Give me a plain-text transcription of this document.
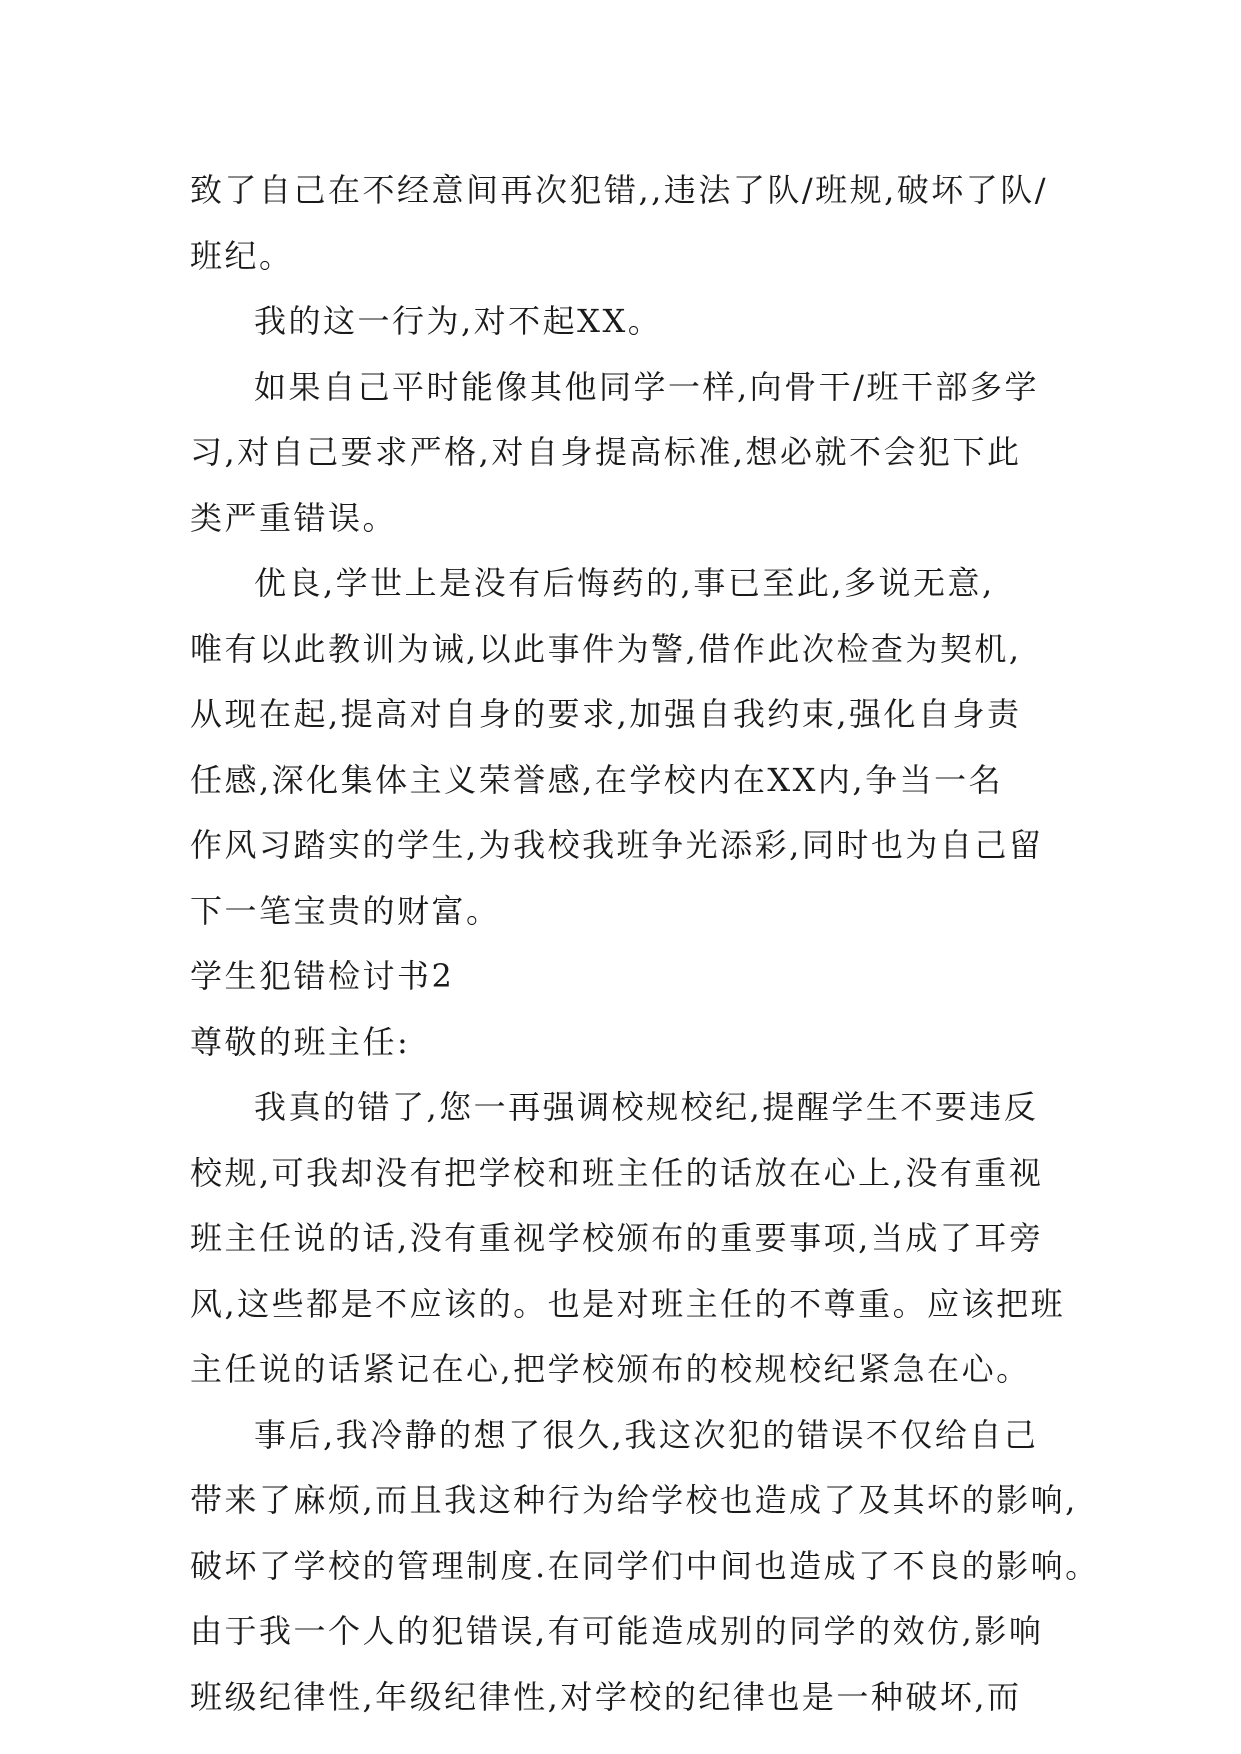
致了自己在不经意间再次犯错,,违法了队/班规,破坏了队/
班纪。
我的这一行为,对不起XX。
如果自己平时能像其他同学一样,向骨干/班干部多学
习,对自己要求严格,对自身提高标准,想必就不会犯下此
类严重错误。
优良,学世上是没有后悔药的,事已至此,多说无意,
唯有以此教训为诫,以此事件为警,借作此次检查为契机,
从现在起,提高对自身的要求,加强自我约束,强化自身责
任感,深化集体主义荣誉感,在学校内在XX内,争当一名
作风习踏实的学生,为我校我班争光添彩,同时也为自己留
下一笔宝贵的财富。
学生犯错检讨书2
尊敬的班主任:
我真的错了,您一再强调校规校纪,提醒学生不要违反
校规,可我却没有把学校和班主任的话放在心上,没有重视
班主任说的话,没有重视学校颁布的重要事项,当成了耳旁
风,这些都是不应该的。也是对班主任的不尊重。应该把班
主任说的话紧记在心,把学校颁布的校规校纪紧急在心。
事后,我冷静的想了很久,我这次犯的错误不仅给自己
带来了麻烦,而且我这种行为给学校也造成了及其坏的影响,
破坏了学校的管理制度.在同学们中间也造成了不良的影响。
由于我一个人的犯错误,有可能造成别的同学的效仿,影响
班级纪律性,年级纪律性,对学校的纪律也是一种破坏,而
